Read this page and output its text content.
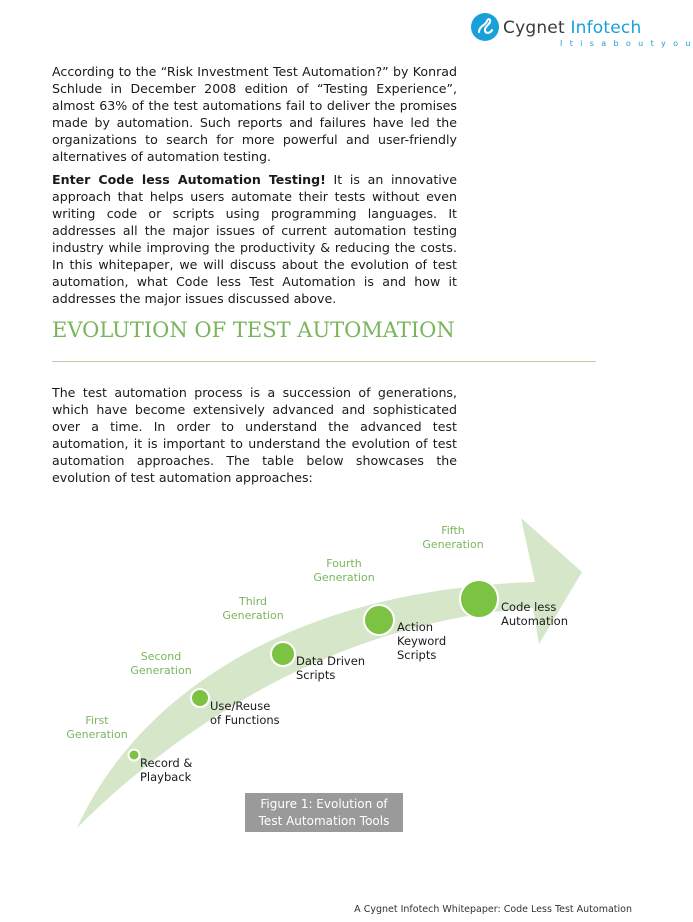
Cygnet Infotech
I t i s a b o u t y o u

According to the “Risk Investment Test Automation?” by Konrad Schlude in December 2008 edition of “Testing Experience”, almost 63% of the test automations fail to deliver the promises made by automation. Such reports and failures have led the organizations to search for more powerful and user-friendly alternatives of automation testing.

Enter Code less Automation Testing! It is an innovative approach that helps users automate their tests without even writing code or scripts using programming languages. It addresses all the major issues of current automation testing industry while improving the productivity & reducing the costs. In this whitepaper, we will discuss about the evolution of test automation, what Code less Test Automation is and how it addresses the major issues discussed above.

EVOLUTION OF TEST AUTOMATION

The test automation process is a succession of generations, which have become extensively advanced and sophisticated over a time. In order to understand the advanced test automation, it is important to understand the evolution of test automation approaches. The table below showcases the evolution of test automation approaches:

First
Generation
Second
Generation
Third
Generation
Fourth
Generation
Fifth
Generation
Record &
Playback
Use/Reuse
of Functions
Data Driven
Scripts
Action
Keyword
Scripts
Code less
Automation
Figure 1: Evolution of
Test Automation Tools
A Cygnet Infotech Whitepaper: Code Less Test Automation
